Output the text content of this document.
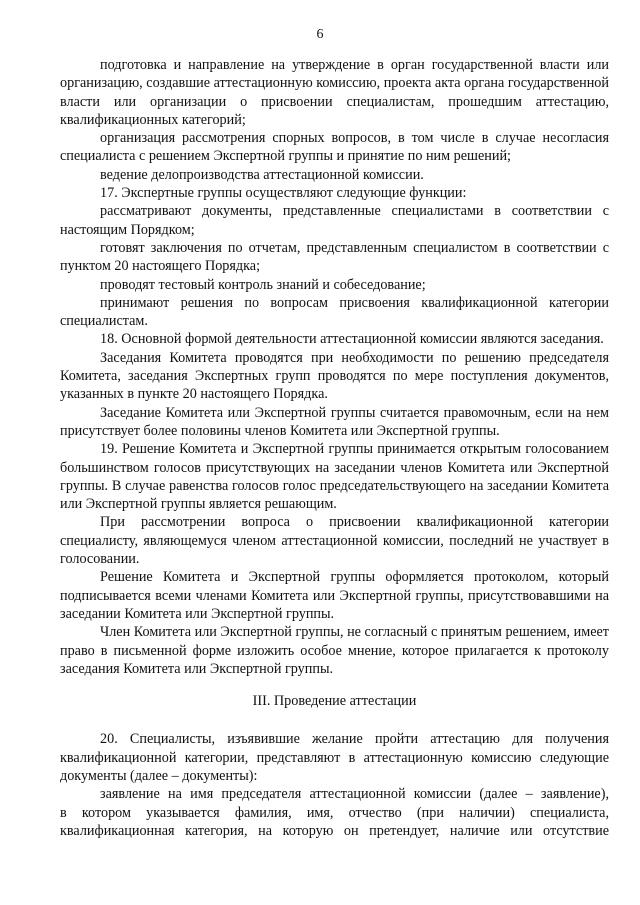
6

подготовка и направление на утверждение в орган государственной власти или организацию, создавшие аттестационную комиссию, проекта акта органа государственной власти или организации о присвоении специалистам, прошедшим аттестацию, квалификационных категорий;

организация рассмотрения спорных вопросов, в том числе в случае несогласия специалиста с решением Экспертной группы и принятие по ним решений;

ведение делопроизводства аттестационной комиссии.

17. Экспертные группы осуществляют следующие функции:

рассматривают документы, представленные специалистами в соответствии с настоящим Порядком;

готовят заключения по отчетам, представленным специалистом в соответствии с пунктом 20 настоящего Порядка;

проводят тестовый контроль знаний и собеседование;

принимают решения по вопросам присвоения квалификационной категории специалистам.

18. Основной формой деятельности аттестационной комиссии являются заседания.

Заседания Комитета проводятся при необходимости по решению председателя Комитета, заседания Экспертных групп проводятся по мере поступления документов, указанных в пункте 20 настоящего Порядка.

Заседание Комитета или Экспертной группы считается правомочным, если на нем присутствует более половины членов Комитета или Экспертной группы.

19. Решение Комитета и Экспертной группы принимается открытым голосованием большинством голосов присутствующих на заседании членов Комитета или Экспертной группы. В случае равенства голосов голос председательствующего на заседании Комитета или Экспертной группы является решающим.

При рассмотрении вопроса о присвоении квалификационной категории специалисту, являющемуся членом аттестационной комиссии, последний не участвует в голосовании.

Решение Комитета и Экспертной группы оформляется протоколом, который подписывается всеми членами Комитета или Экспертной группы, присутствовавшими на заседании Комитета или Экспертной группы.

Член Комитета или Экспертной группы, не согласный с принятым решением, имеет право в письменной форме изложить особое мнение, которое прилагается к протоколу заседания Комитета или Экспертной группы.

III. Проведение аттестации

20. Специалисты, изъявившие желание пройти аттестацию для получения квалификационной категории, представляют в аттестационную комиссию следующие документы (далее – документы):

заявление на имя председателя аттестационной комиссии (далее – заявление),
в котором указывается фамилия, имя, отчество (при наличии) специалиста,
квалификационная категория, на которую он претендует, наличие или отсутствие
